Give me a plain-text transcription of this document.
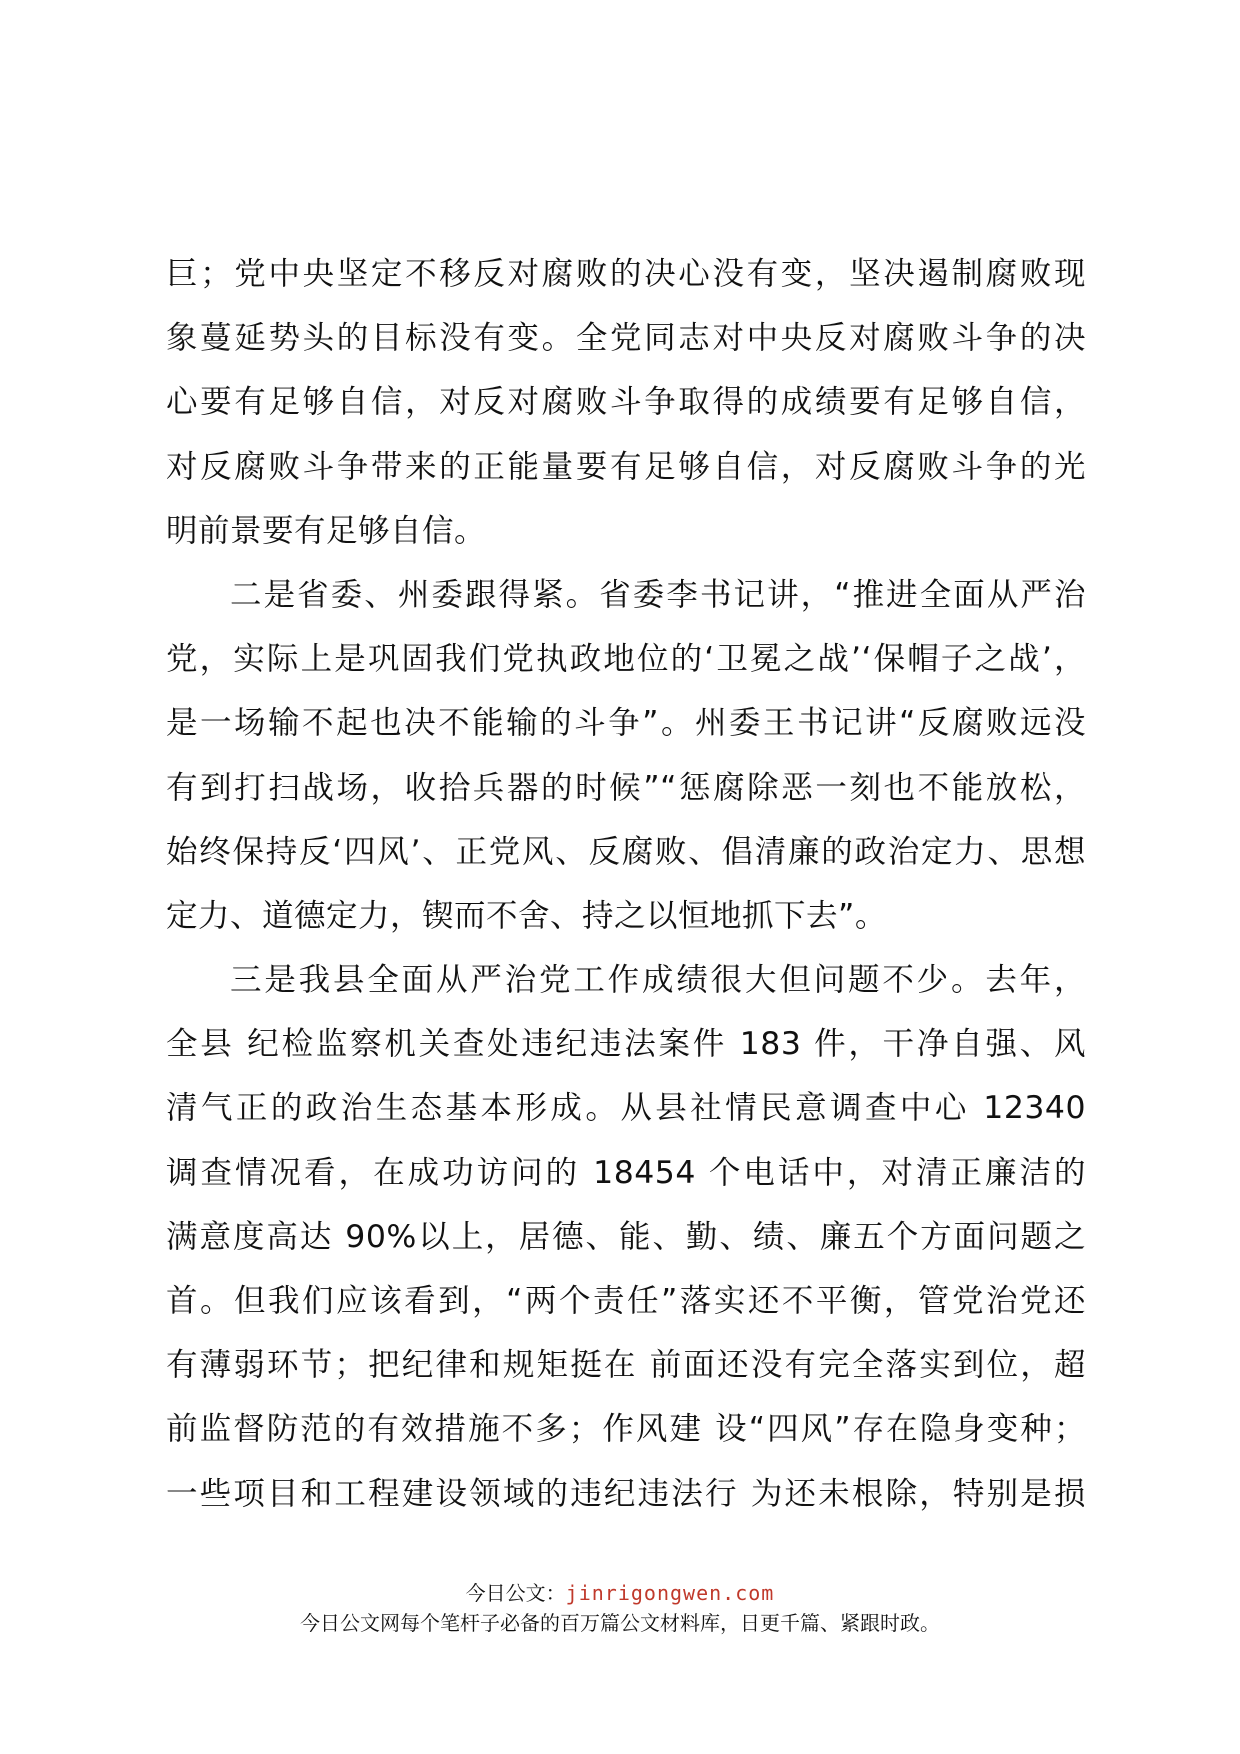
巨；党中央坚定不移反对腐败的决心没有变，坚决遏制腐败现
象蔓延势头的目标没有变。全党同志对中央反对腐败斗争的决
心要有足够自信，对反对腐败斗争取得的成绩要有足够自信，
对反腐败斗争带来的正能量要有足够自信，对反腐败斗争的光
明前景要有足够自信。
二是省委、州委跟得紧。省委李书记讲，“推进全面从严治
党，实际上是巩固我们党执政地位的‘卫冕之战’‘保帽子之战’，
是一场输不起也决不能输的斗争”。州委王书记讲“反腐败远没
有到打扫战场，收拾兵器的时候”“惩腐除恶一刻也不能放松，
始终保持反‘四风’、正党风、反腐败、倡清廉的政治定力、思想
定力、道德定力，锲而不舍、持之以恒地抓下去”。
三是我县全面从严治党工作成绩很大但问题不少。去年，
全县 纪检监察机关查处违纪违法案件 183 件，干净自强、风
清气正的政治生态基本形成。从县社情民意调查中心 12340
调查情况看，在成功访问的 18454 个电话中，对清正廉洁的
满意度高达 90%以上，居德、能、勤、绩、廉五个方面问题之
首。但我们应该看到，“两个责任”落实还不平衡，管党治党还
有薄弱环节；把纪律和规矩挺在 前面还没有完全落实到位，超
前监督防范的有效措施不多；作风建 设“四风”存在隐身变种；
一些项目和工程建设领域的违纪违法行 为还未根除，特别是损
今日公文：jinrigongwen.com
今日公文网每个笔杆子必备的百万篇公文材料库，日更千篇、紧跟时政。
